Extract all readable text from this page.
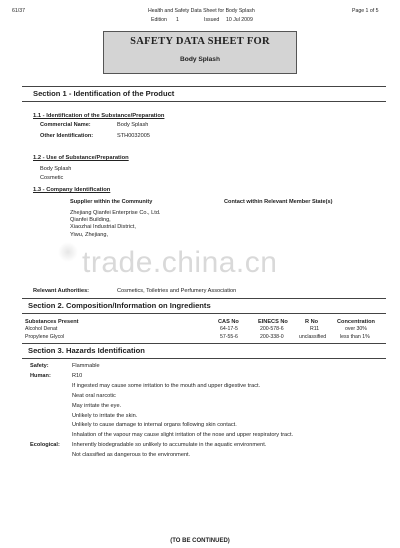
61/37	Health and Safety Data Sheet for Body Splash	Page 1 of 5
Edition 1	Issued 10 Jul 2009
SAFETY DATA SHEET FOR
Body Splash
Section 1 - Identification of the Product
1.1 - Identification of the Substance/Preparation
Commercial Name:	Body Splash
Other Identification:	STH0032005
1.2 - Use of Substance/Preparation
Body Splash
Cosmetic
1.3 - Company Identification
Supplier within the Community	Contact within Relevant Member State(s)
Zhejiang Qianfei Enterprise Co., Ltd.
Qianfei Building,
Xiaozhai Industrial District,
Yiwu, Zhejiang,
trade.china.cn
Relevant Authorities:	Cosmetics, Toiletries and Perfumery Association
Section 2. Composition/Information on Ingredients
Substances Present	CAS No	EINECS No	R No	Concentration
Alcohol Denat	64-17-5	200-578-6	R11	over 30%
Propylene Glycol	57-55-6	200-338-0	unclassified	less than 1%
Section 3. Hazards Identification
Safety:	Flammable
Human:	R10
If ingested may cause some irritation to the mouth and upper digestive tract.
Neat oral narcotic
May irritate the eye.
Unlikely to irritate the skin.
Unlikely to cause damage to internal organs following skin contact.
Inhalation of the vapour may cause slight irritation of the nose and upper respiratory tract.
Ecological: Inherently biodegradable so unlikely to accumulate in the aquatic environment.
Not classified as dangerous to the environment.
(TO BE CONTINUED)
